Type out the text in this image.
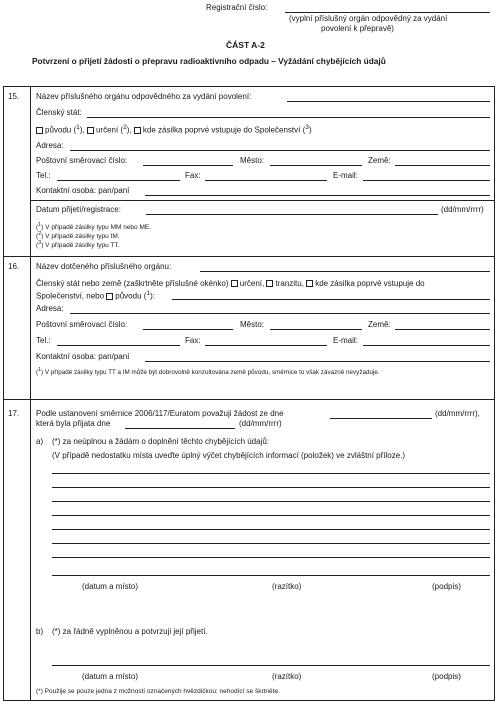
Registrační číslo:
(vyplní příslušný orgán odpovědný za vydání
povolení k přepravě)
ČÁST A-2
Potvrzení o přijetí žádosti o přepravu radioaktivního odpadu – Vyžádání chybějících údajů
15. Název příslušného orgánu odpovědného za vydání povolení:
Členský stát:
původu ($^1$), určení ($^2$), kde zásilka poprvé vstupuje do Společenství ($^3$)
Adresa:
Poštovní směrovací číslo:	Město:	Země:
Tel.:	Fax:	E-mail:
Kontaktní osoba: pan/paní
Datum přijetí/registrace:	(dd/mm/rrrr)
($^1$) V případě zásilky typu MM nebo ME.
($^2$) V případě zásilky typu IM.
($^3$) V případě zásilky typu TT.
16. Název dotčeného příslušného orgánu:
Členský stát nebo země (zaškrtněte příslušné okénko) určení, tranzitu, kde zásilka poprvé vstupuje do
Společenství, nebo původu ($^1$):
Adresa:
Poštovní směrovací číslo:	Město:	Země:
Tel.:	Fax:	E-mail:
Kontaktní osoba: pan/paní
($^1$) V případě zásilky typu TT a IM může být dobrovolně konzultována země původu, směrnice to však závazně nevyžaduje.
17. Podle ustanovení směrnice 2006/117/Euratom považuji žádost ze dne	(dd/mm/rrrr),
která byla přijata dne	(dd/mm/rrrr)
a) (*) za neúplnou a žádám o doplnění těchto chybějících údajů:
(V případě nedostatku místa uveďte úplný výčet chybějících informací (položek) ve zvláštní příloze.)
(datum a místo)	(razítko)	(podpis)
b) (*) za řádně vyplněnou a potvrzuji její přijetí.
(datum a místo)	(razítko)	(podpis)
(*) Použije se pouze jedna z možností označených hvězdičkou: nehodící se škrtněte.
